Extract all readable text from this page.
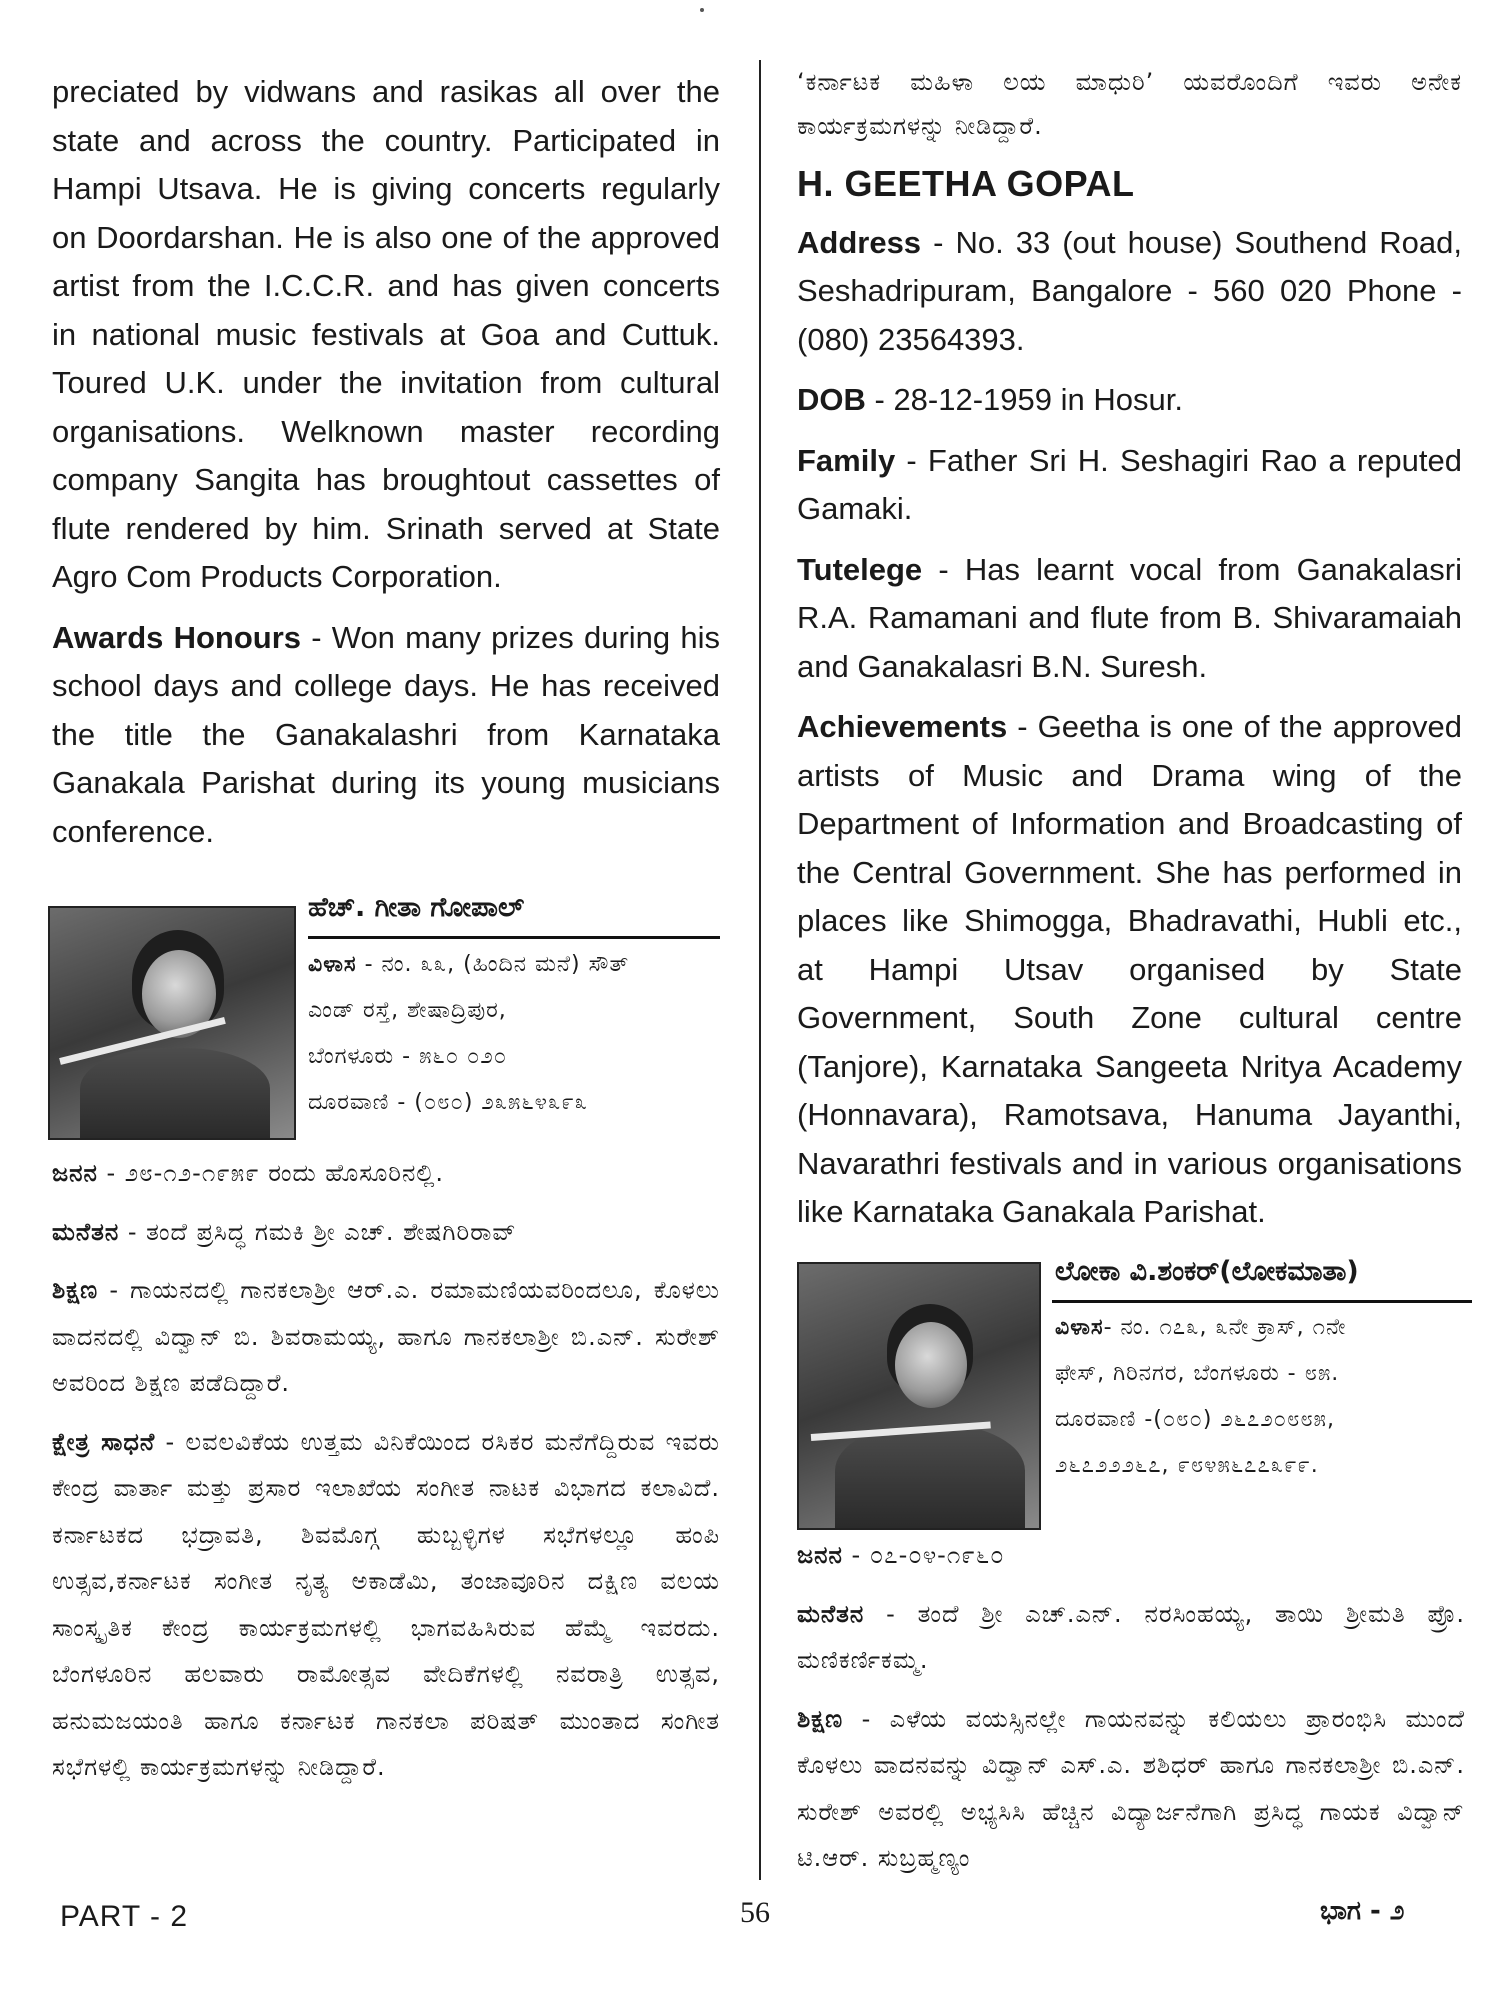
preciated by vidwans and rasikas all over the state and across the country. Participated in Hampi Utsava. He is giving concerts regularly on Doordarshan. He is also one of the approved artist from the I.C.C.R. and has given concerts in national music festivals at Goa and Cuttuk. Toured U.K. under the invitation from cultural organisations. Welknown master recording company Sangita has broughtout cassettes of flute rendered by him. Srinath served at State Agro Com Products Corporation.

Awards Honours - Won many prizes during his school days and college days. He has received the title the Ganakalashri from Karnataka Ganakala Parishat during its young musicians conference.

ಹೆಚ್. ಗೀತಾ ಗೋಪಾಲ್
ವಿಳಾಸ - ನಂ. ೩೩, (ಹಿಂದಿನ ಮನೆ) ಸೌತ್
ಎಂಡ್ ರಸ್ತೆ, ಶೇಷಾದ್ರಿಪುರ,
ಬೆಂಗಳೂರು - ೫೬೦ ೦೨೦
ದೂರವಾಣಿ - (೦೮೦) ೨೩೫೬೪೩೯೩

ಜನನ - ೨೮-೧೨-೧೯೫೯ ರಂದು ಹೊಸೂರಿನಲ್ಲಿ.

ಮನೆತನ - ತಂದೆ ಪ್ರಸಿದ್ಧ ಗಮಕಿ ಶ್ರೀ ಎಚ್. ಶೇಷಗಿರಿರಾವ್

ಶಿಕ್ಷಣ - ಗಾಯನದಲ್ಲಿ ಗಾನಕಲಾಶ್ರೀ ಆರ್.ಎ. ರಮಾಮಣಿಯವರಿಂದಲೂ, ಕೊಳಲು ವಾದನದಲ್ಲಿ ವಿದ್ವಾನ್ ಬಿ. ಶಿವರಾಮಯ್ಯ, ಹಾಗೂ ಗಾನಕಲಾಶ್ರೀ ಬಿ.ಎನ್. ಸುರೇಶ್ ಅವರಿಂದ ಶಿಕ್ಷಣ ಪಡೆದಿದ್ದಾರೆ.

ಕ್ಷೇತ್ರ ಸಾಧನೆ - ಲವಲವಿಕೆಯ ಉತ್ತಮ ವಿನಿಕೆಯಿಂದ ರಸಿಕರ ಮನೆಗೆದ್ದಿರುವ ಇವರು ಕೇಂದ್ರ ವಾರ್ತಾ ಮತ್ತು ಪ್ರಸಾರ ಇಲಾಖೆಯ ಸಂಗೀತ ನಾಟಕ ವಿಭಾಗದ ಕಲಾವಿದೆ. ಕರ್ನಾಟಕದ ಭದ್ರಾವತಿ, ಶಿವಮೊಗ್ಗ ಹುಬ್ಬಳ್ಳಿಗಳ ಸಭೆಗಳಲ್ಲೂ ಹಂಪಿ ಉತ್ಸವ,ಕರ್ನಾಟಕ ಸಂಗೀತ ನೃತ್ಯ ಅಕಾಡೆಮಿ, ತಂಜಾವೂರಿನ ದಕ್ಷಿಣ ವಲಯ ಸಾಂಸ್ಕೃತಿಕ ಕೇಂದ್ರ ಕಾರ್ಯಕ್ರಮಗಳಲ್ಲಿ ಭಾಗವಹಿಸಿರುವ ಹೆಮ್ಮೆ ಇವರದು. ಬೆಂಗಳೂರಿನ ಹಲವಾರು ರಾಮೋತ್ಸವ ವೇದಿಕೆಗಳಲ್ಲಿ ನವರಾತ್ರಿ ಉತ್ಸವ, ಹನುಮಜಯಂತಿ ಹಾಗೂ ಕರ್ನಾಟಕ ಗಾನಕಲಾ ಪರಿಷತ್ ಮುಂತಾದ ಸಂಗೀತ ಸಭೆಗಳಲ್ಲಿ ಕಾರ್ಯಕ್ರಮಗಳನ್ನು ನೀಡಿದ್ದಾರೆ.

‘ಕರ್ನಾಟಕ ಮಹಿಳಾ ಲಯ ಮಾಧುರಿ’ ಯವರೊಂದಿಗೆ ಇವರು ಅನೇಕ ಕಾರ್ಯಕ್ರಮಗಳನ್ನು ನೀಡಿದ್ದಾರೆ.

H. GEETHA GOPAL

Address - No. 33 (out house) Southend Road, Seshadripuram, Bangalore - 560 020 Phone - (080) 23564393.

DOB - 28-12-1959 in Hosur.

Family - Father Sri H. Seshagiri Rao a reputed Gamaki.

Tutelege - Has learnt vocal from Ganakalasri R.A. Ramamani and flute from B. Shivaramaiah and Ganakalasri B.N. Suresh.

Achievements - Geetha is one of the approved artists of Music and Drama wing of the Department of Information and Broadcasting of the Central Government. She has performed in places like Shimogga, Bhadravathi, Hubli etc., at Hampi Utsav organised by State Government, South Zone cultural centre (Tanjore), Karnataka Sangeeta Nritya Academy (Honnavara), Ramotsava, Hanuma Jayanthi, Navarathri festivals and in various organisations like Karnataka Ganakala Parishat.

ಲೋಕಾ ವಿ.ಶಂಕರ್(ಲೋಕಮಾತಾ)
ವಿಳಾಸ- ನಂ. ೧೭೩, ೩ನೇ ಕ್ರಾಸ್, ೧ನೇ
ಫೇಸ್, ಗಿರಿನಗರ, ಬೆಂಗಳೂರು - ೮೫.
ದೂರವಾಣಿ -(೦೮೦) ೨೬೭೨೦೮೮೫,
೨೬೭೨೨೨೬೭, ೯೮೪೫೬೭೭೩೯೯.

ಜನನ - ೦೭-೦೪-೧೯೬೦

ಮನೆತನ - ತಂದೆ ಶ್ರೀ ಎಚ್.ಎನ್. ನರಸಿಂಹಯ್ಯ, ತಾಯಿ ಶ್ರೀಮತಿ ಪ್ರೊ. ಮಣಿಕರ್ಣಿಕಮ್ಮ.

ಶಿಕ್ಷಣ - ಎಳೆಯ ವಯಸ್ಸಿನಲ್ಲೇ ಗಾಯನವನ್ನು ಕಲಿಯಲು ಪ್ರಾರಂಭಿಸಿ ಮುಂದೆ ಕೊಳಲು ವಾದನವನ್ನು ವಿದ್ವಾನ್ ಎಸ್.ಎ. ಶಶಿಧರ್ ಹಾಗೂ ಗಾನಕಲಾಶ್ರೀ ಬಿ.ಎನ್. ಸುರೇಶ್ ಅವರಲ್ಲಿ ಅಭ್ಯಸಿಸಿ ಹೆಚ್ಚಿನ ವಿದ್ಯಾರ್ಜನೆಗಾಗಿ ಪ್ರಸಿದ್ಧ ಗಾಯಕ ವಿದ್ವಾನ್ ಟಿ.ಆರ್. ಸುಬ್ರಹ್ಮಣ್ಯಂ

PART - 2	56	ಭಾಗ - ೨
